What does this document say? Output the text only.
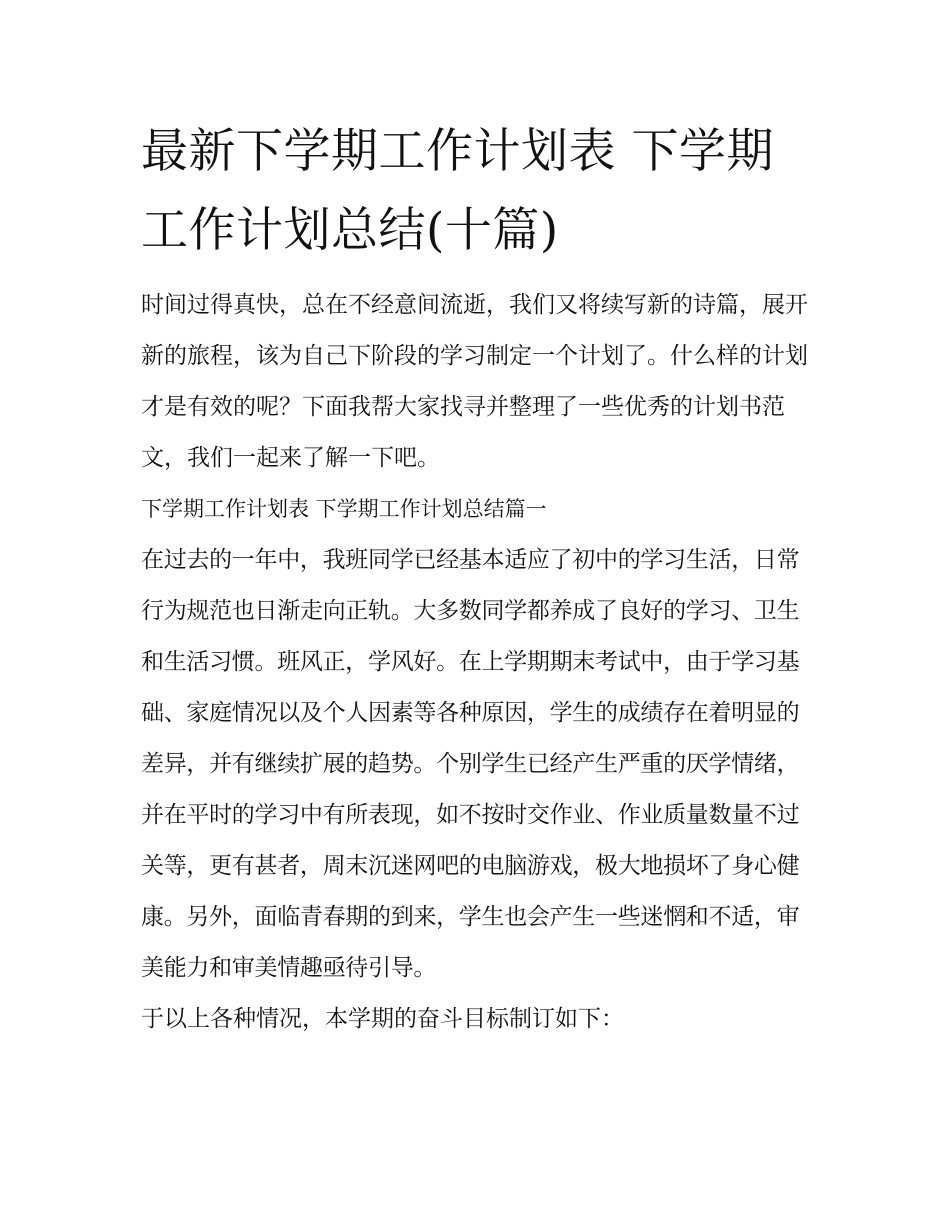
最新下学期工作计划表 下学期工作计划总结(十篇)

时间过得真快，总在不经意间流逝，我们又将续写新的诗篇，展开新的旅程，该为自己下阶段的学习制定一个计划了。什么样的计划才是有效的呢？下面我帮大家找寻并整理了一些优秀的计划书范文，我们一起来了解一下吧。

下学期工作计划表 下学期工作计划总结篇一

在过去的一年中，我班同学已经基本适应了初中的学习生活，日常行为规范也日渐走向正轨。大多数同学都养成了良好的学习、卫生和生活习惯。班风正，学风好。在上学期期末考试中，由于学习基础、家庭情况以及个人因素等各种原因，学生的成绩存在着明显的差异，并有继续扩展的趋势。个别学生已经产生严重的厌学情绪，并在平时的学习中有所表现，如不按时交作业、作业质量数量不过关等，更有甚者，周末沉迷网吧的电脑游戏，极大地损坏了身心健康。另外，面临青春期的到来，学生也会产生一些迷惘和不适，审美能力和审美情趣亟待引导。

于以上各种情况，本学期的奋斗目标制订如下：
